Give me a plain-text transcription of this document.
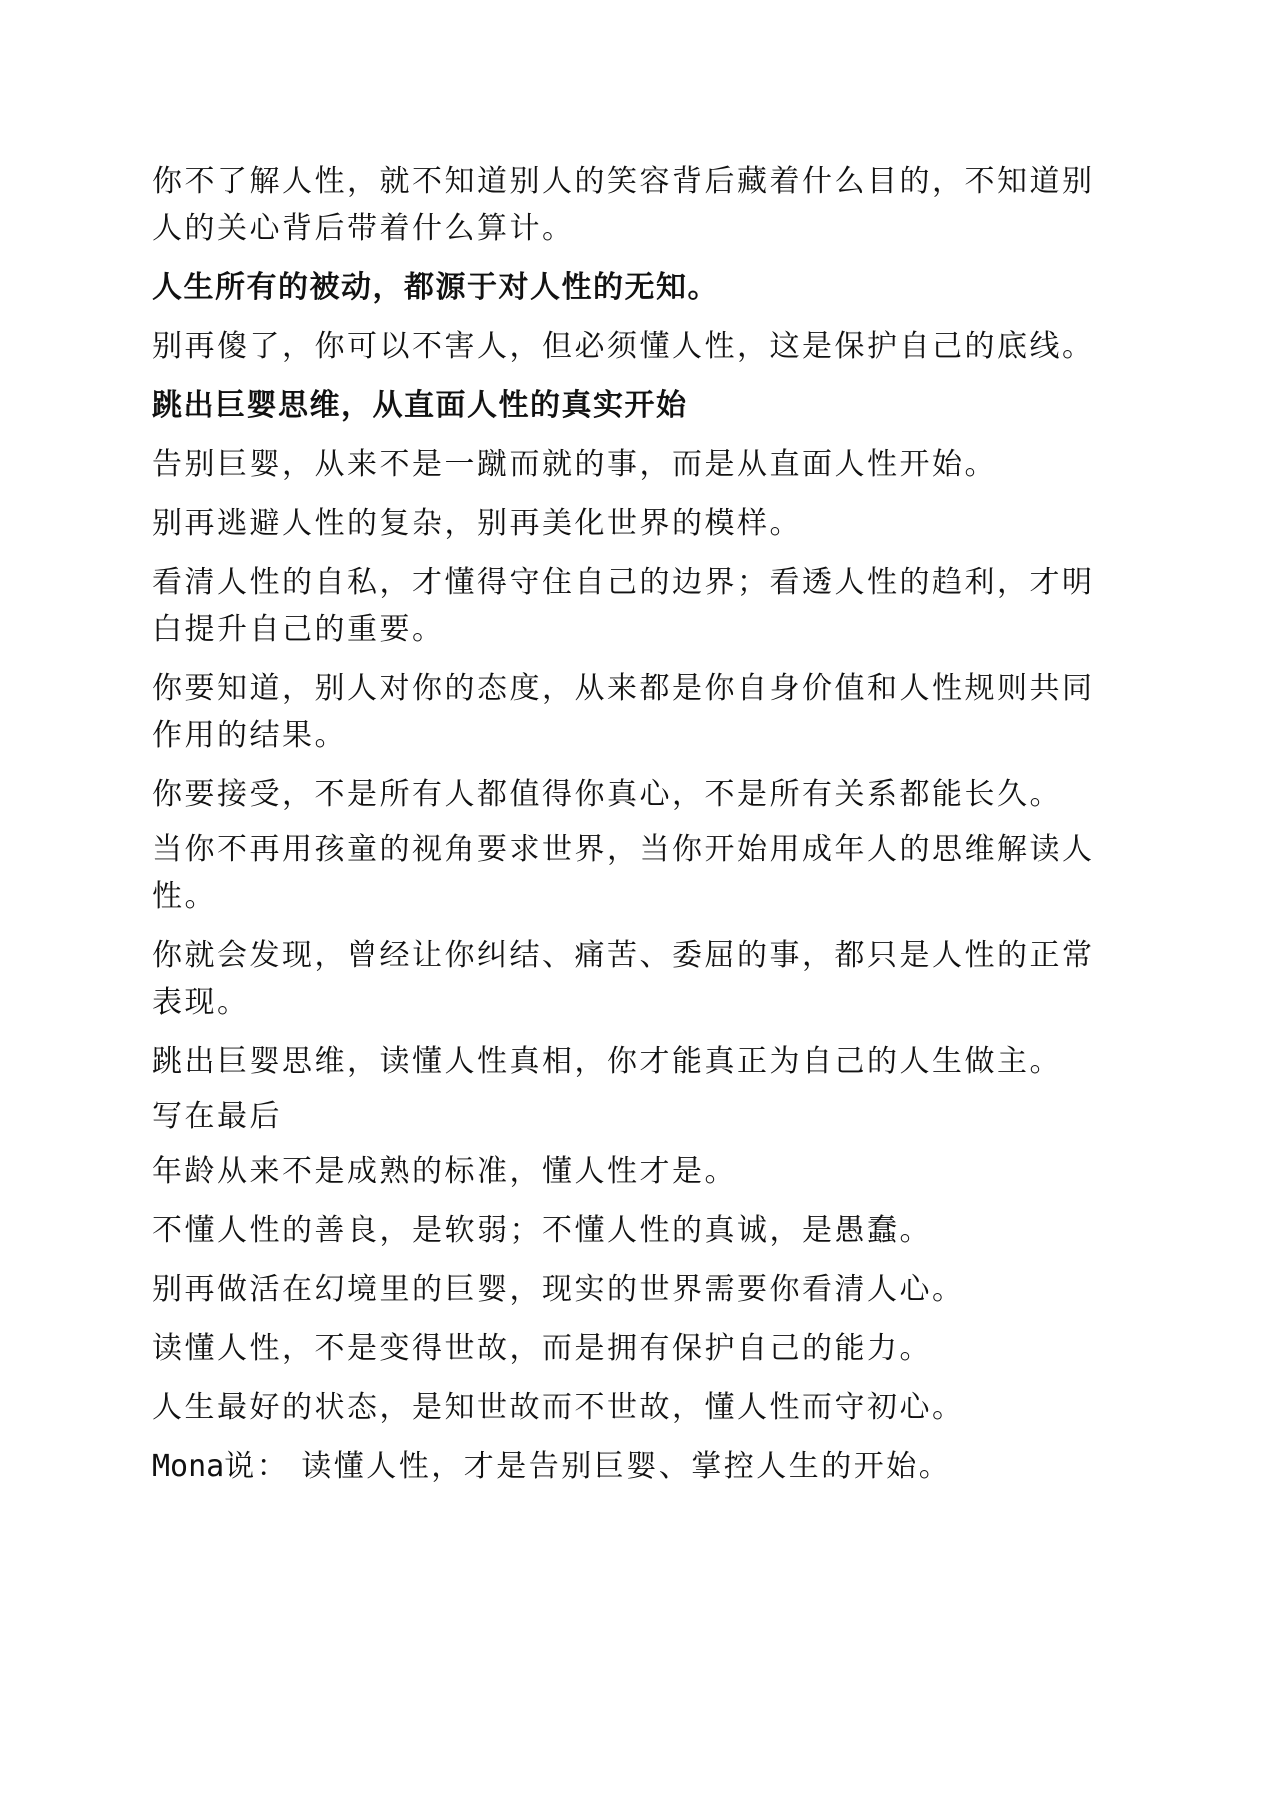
你不了解人性，就不知道别人的笑容背后藏着什么目的，不知道别人的关心背后带着什么算计。

人生所有的被动，都源于对人性的无知。

别再傻了，你可以不害人，但必须懂人性，这是保护自己的底线。

跳出巨婴思维，从直面人性的真实开始

告别巨婴，从来不是一蹴而就的事，而是从直面人性开始。

别再逃避人性的复杂，别再美化世界的模样。

看清人性的自私，才懂得守住自己的边界；看透人性的趋利，才明白提升自己的重要。

你要知道，别人对你的态度，从来都是你自身价值和人性规则共同作用的结果。

你要接受，不是所有人都值得你真心，不是所有关系都能长久。

当你不再用孩童的视角要求世界，当你开始用成年人的思维解读人性。

你就会发现，曾经让你纠结、痛苦、委屈的事，都只是人性的正常表现。

跳出巨婴思维，读懂人性真相，你才能真正为自己的人生做主。

写在最后

年龄从来不是成熟的标准，懂人性才是。

不懂人性的善良，是软弱；不懂人性的真诚，是愚蠢。

别再做活在幻境里的巨婴，现实的世界需要你看清人心。

读懂人性，不是变得世故，而是拥有保护自己的能力。

人生最好的状态，是知世故而不世故，懂人性而守初心。

Mona说： 读懂人性，才是告别巨婴、掌控人生的开始。
